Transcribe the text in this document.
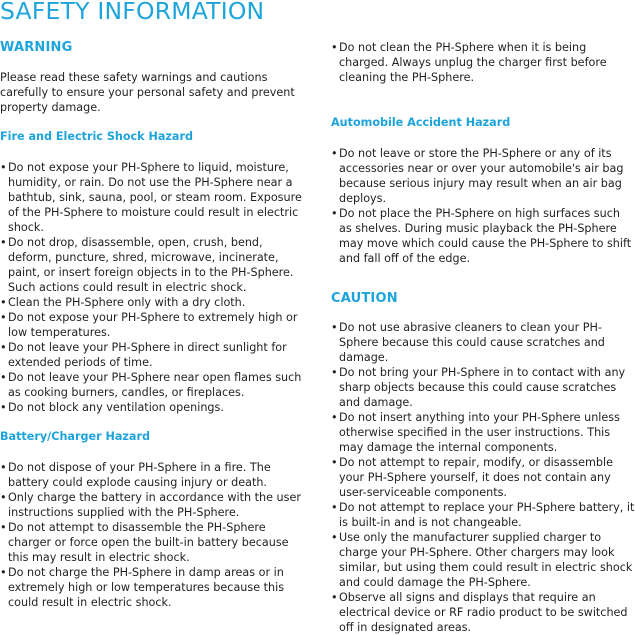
SAFETY INFORMATION
WARNING

Please read these safety warnings and cautions carefully to ensure your personal safety and prevent property damage.

Fire and Electric Shock Hazard
• Do not expose your PH-Sphere to liquid, moisture, humidity, or rain. Do not use the PH-Sphere near a bathtub, sink, sauna, pool, or steam room. Exposure of the PH-Sphere to moisture could result in electric shock.
• Do not drop, disassemble, open, crush, bend, deform, puncture, shred, microwave, incinerate, paint, or insert foreign objects in to the PH-Sphere. Such actions could result in electric shock.
• Clean the PH-Sphere only with a dry cloth.
• Do not expose your PH-Sphere to extremely high or low temperatures.
• Do not leave your PH-Sphere in direct sunlight for extended periods of time.
• Do not leave your PH-Sphere near open flames such as cooking burners, candles, or fireplaces.
• Do not block any ventilation openings.
Battery/Charger Hazard
• Do not dispose of your PH-Sphere in a fire. The battery could explode causing injury or death.
• Only charge the battery in accordance with the user instructions supplied with the PH-Sphere.
• Do not attempt to disassemble the PH-Sphere charger or force open the built-in battery because this may result in electric shock.
• Do not charge the PH-Sphere in damp areas or in extremely high or low temperatures because this could result in electric shock.
• Do not clean the PH-Sphere when it is being charged. Always unplug the charger first before cleaning the PH-Sphere.
Automobile Accident Hazard
• Do not leave or store the PH-Sphere or any of its accessories near or over your automobile's air bag because serious injury may result when an air bag deploys.
• Do not place the PH-Sphere on high surfaces such as shelves. During music playback the PH-Sphere may move which could cause the PH-Sphere to shift and fall off of the edge.
CAUTION
• Do not use abrasive cleaners to clean your PH-Sphere because this could cause scratches and damage.
• Do not bring your PH-Sphere in to contact with any sharp objects because this could cause scratches and damage.
• Do not insert anything into your PH-Sphere unless otherwise specified in the user instructions. This may damage the internal components.
• Do not attempt to repair, modify, or disassemble your PH-Sphere yourself, it does not contain any user-serviceable components.
• Do not attempt to replace your PH-Sphere battery, it is built-in and is not changeable.
• Use only the manufacturer supplied charger to charge your PH-Sphere. Other chargers may look similar, but using them could result in electric shock and could damage the PH-Sphere.
• Observe all signs and displays that require an electrical device or RF radio product to be switched off in designated areas.
